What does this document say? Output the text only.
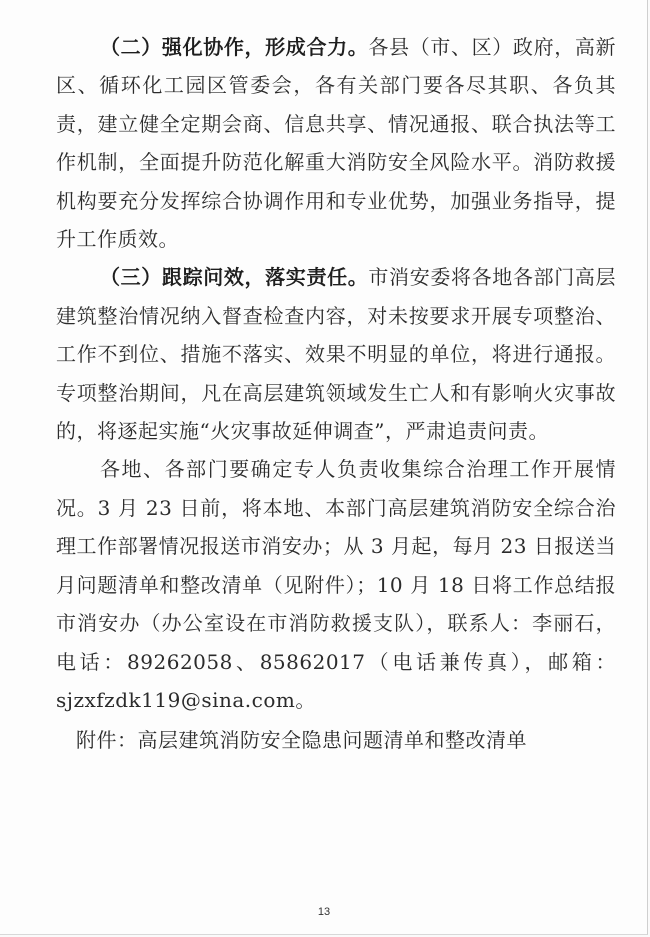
（二）强化协作，形成合力。各县（市、区）政府，高新区、循环化工园区管委会，各有关部门要各尽其职、各负其责，建立健全定期会商、信息共享、情况通报、联合执法等工作机制，全面提升防范化解重大消防安全风险水平。消防救援机构要充分发挥综合协调作用和专业优势，加强业务指导，提升工作质效。

（三）跟踪问效，落实责任。市消安委将各地各部门高层建筑整治情况纳入督查检查内容，对未按要求开展专项整治、工作不到位、措施不落实、效果不明显的单位，将进行通报。专项整治期间，凡在高层建筑领域发生亡人和有影响火灾事故的，将逐起实施“火灾事故延伸调查”，严肃追责问责。

各地、各部门要确定专人负责收集综合治理工作开展情况。3 月 23 日前，将本地、本部门高层建筑消防安全综合治理工作部署情况报送市消安办；从 3 月起，每月 23 日报送当月问题清单和整改清单（见附件）；10 月 18 日将工作总结报市消安办（办公室设在市消防救援支队），联系人：李丽石，电话：89262058、85862017（电话兼传真），邮箱：sjzxfzdk119@sina.com。

附件：高层建筑消防安全隐患问题清单和整改清单
13
